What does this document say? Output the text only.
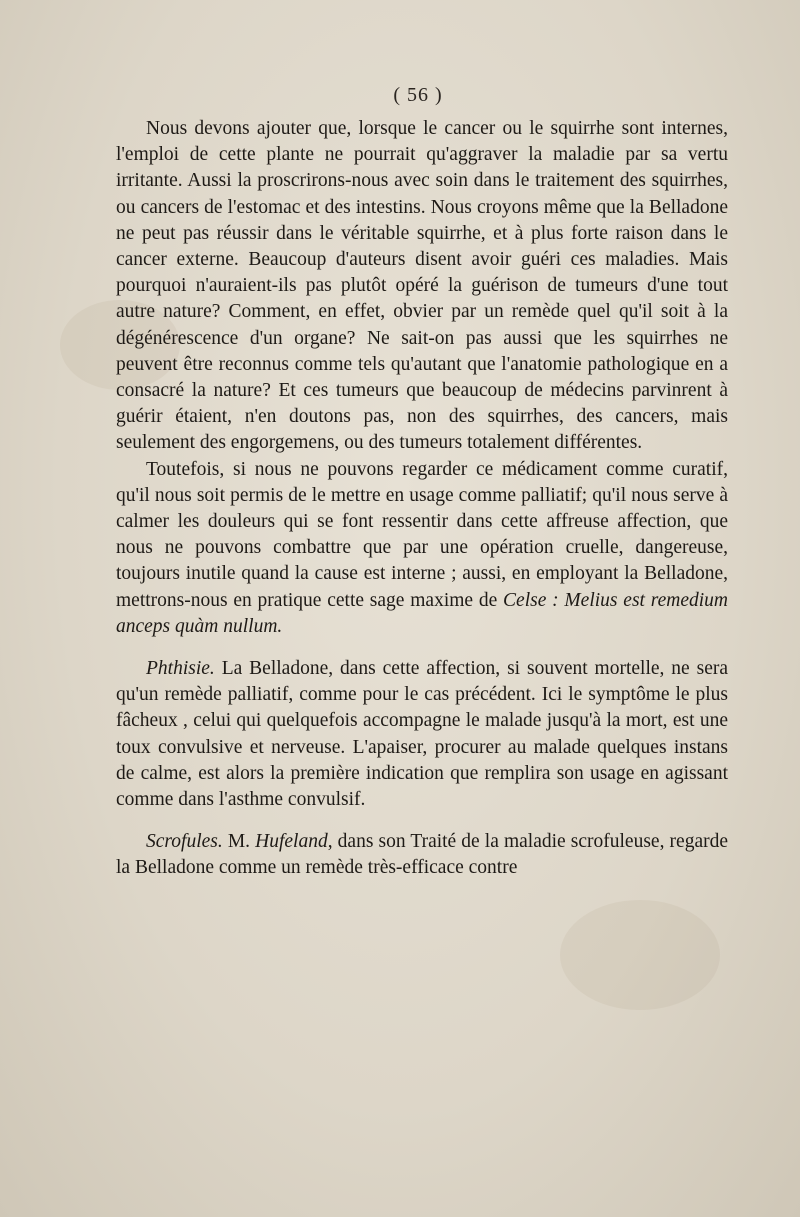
( 56 )

Nous devons ajouter que, lorsque le cancer ou le squirrhe sont internes, l'emploi de cette plante ne pourrait qu'aggraver la maladie par sa vertu irritante. Aussi la proscrirons-nous avec soin dans le traitement des squirrhes, ou cancers de l'estomac et des intestins. Nous croyons même que la Belladone ne peut pas réussir dans le véritable squirrhe, et à plus forte raison dans le cancer externe. Beaucoup d'auteurs disent avoir guéri ces maladies. Mais pourquoi n'auraient-ils pas plutôt opéré la guérison de tumeurs d'une tout autre nature? Comment, en effet, obvier par un remède quel qu'il soit à la dégénérescence d'un organe? Ne sait-on pas aussi que les squirrhes ne peuvent être reconnus comme tels qu'autant que l'anatomie pathologique en a consacré la nature? Et ces tumeurs que beaucoup de médecins parvinrent à guérir étaient, n'en doutons pas, non des squirrhes, des cancers, mais seulement des engorgemens, ou des tumeurs totalement différentes.

Toutefois, si nous ne pouvons regarder ce médicament comme curatif, qu'il nous soit permis de le mettre en usage comme palliatif; qu'il nous serve à calmer les douleurs qui se font ressentir dans cette affreuse affection, que nous ne pouvons combattre que par une opération cruelle, dangereuse, toujours inutile quand la cause est interne ; aussi, en employant la Belladone, mettrons-nous en pratique cette sage maxime de Celse : Melius est remedium anceps quàm nullum.

Phthisie. La Belladone, dans cette affection, si souvent mortelle, ne sera qu'un remède palliatif, comme pour le cas précédent. Ici le symptôme le plus fâcheux , celui qui quelquefois accompagne le malade jusqu'à la mort, est une toux convulsive et nerveuse. L'apaiser, procurer au malade quelques instans de calme, est alors la première indication que remplira son usage en agissant comme dans l'asthme convulsif.

Scrofules. M. Hufeland, dans son Traité de la maladie scrofuleuse, regarde la Belladone comme un remède très-efficace contre
